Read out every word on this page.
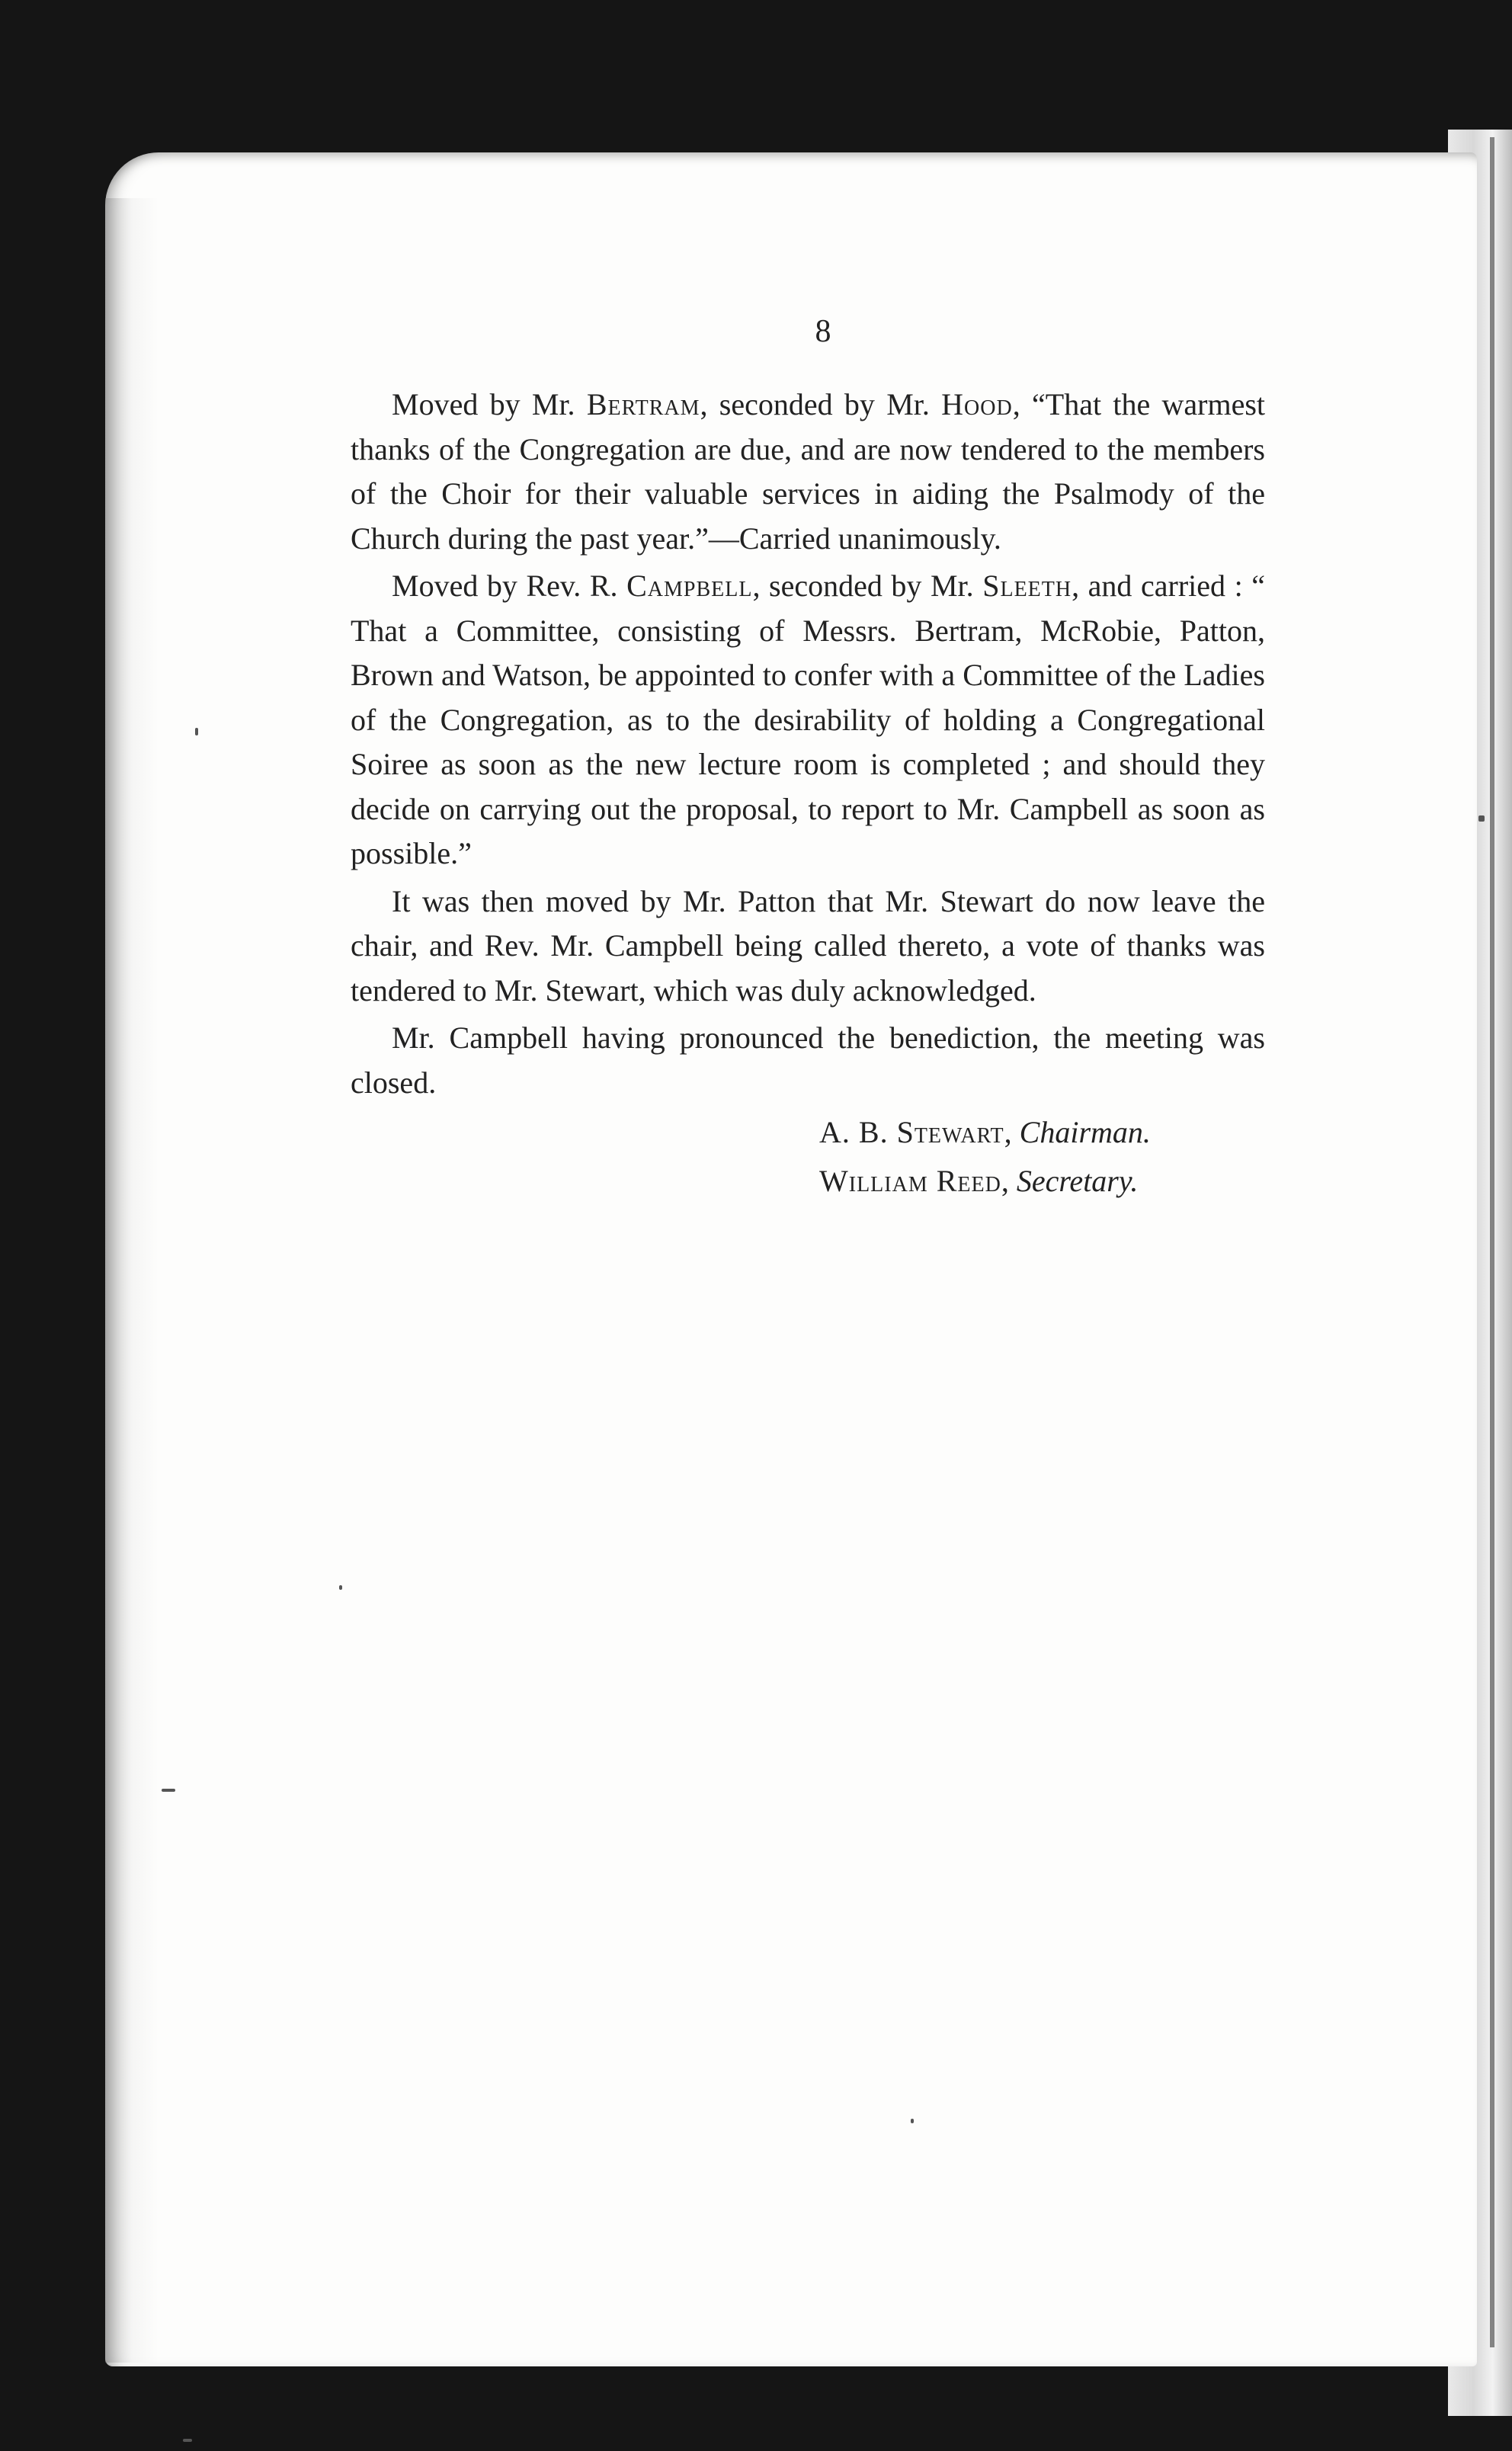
8

Moved by Mr. Bertram, seconded by Mr. Hood, “That the warmest thanks of the Congregation are due, and are now tendered to the members of the Choir for their valuable services in aiding the Psalmody of the Church during the past year.”—Carried unanimously.

Moved by Rev. R. Campbell, seconded by Mr. Sleeth, and carried : “ That a Committee, consisting of Messrs. Bertram, McRobie, Patton, Brown and Watson, be appointed to confer with a Committee of the Ladies of the Congregation, as to the desirability of holding a Congregational Soiree as soon as the new lecture room is completed ; and should they decide on carrying out the proposal, to report to Mr. Campbell as soon as possible.”

It was then moved by Mr. Patton that Mr. Stewart do now leave the chair, and Rev. Mr. Campbell being called thereto, a vote of thanks was tendered to Mr. Stewart, which was duly acknowledged.

Mr. Campbell having pronounced the benediction, the meeting was closed.

A. B. Stewart, Chairman.
William Reed, Secretary.
